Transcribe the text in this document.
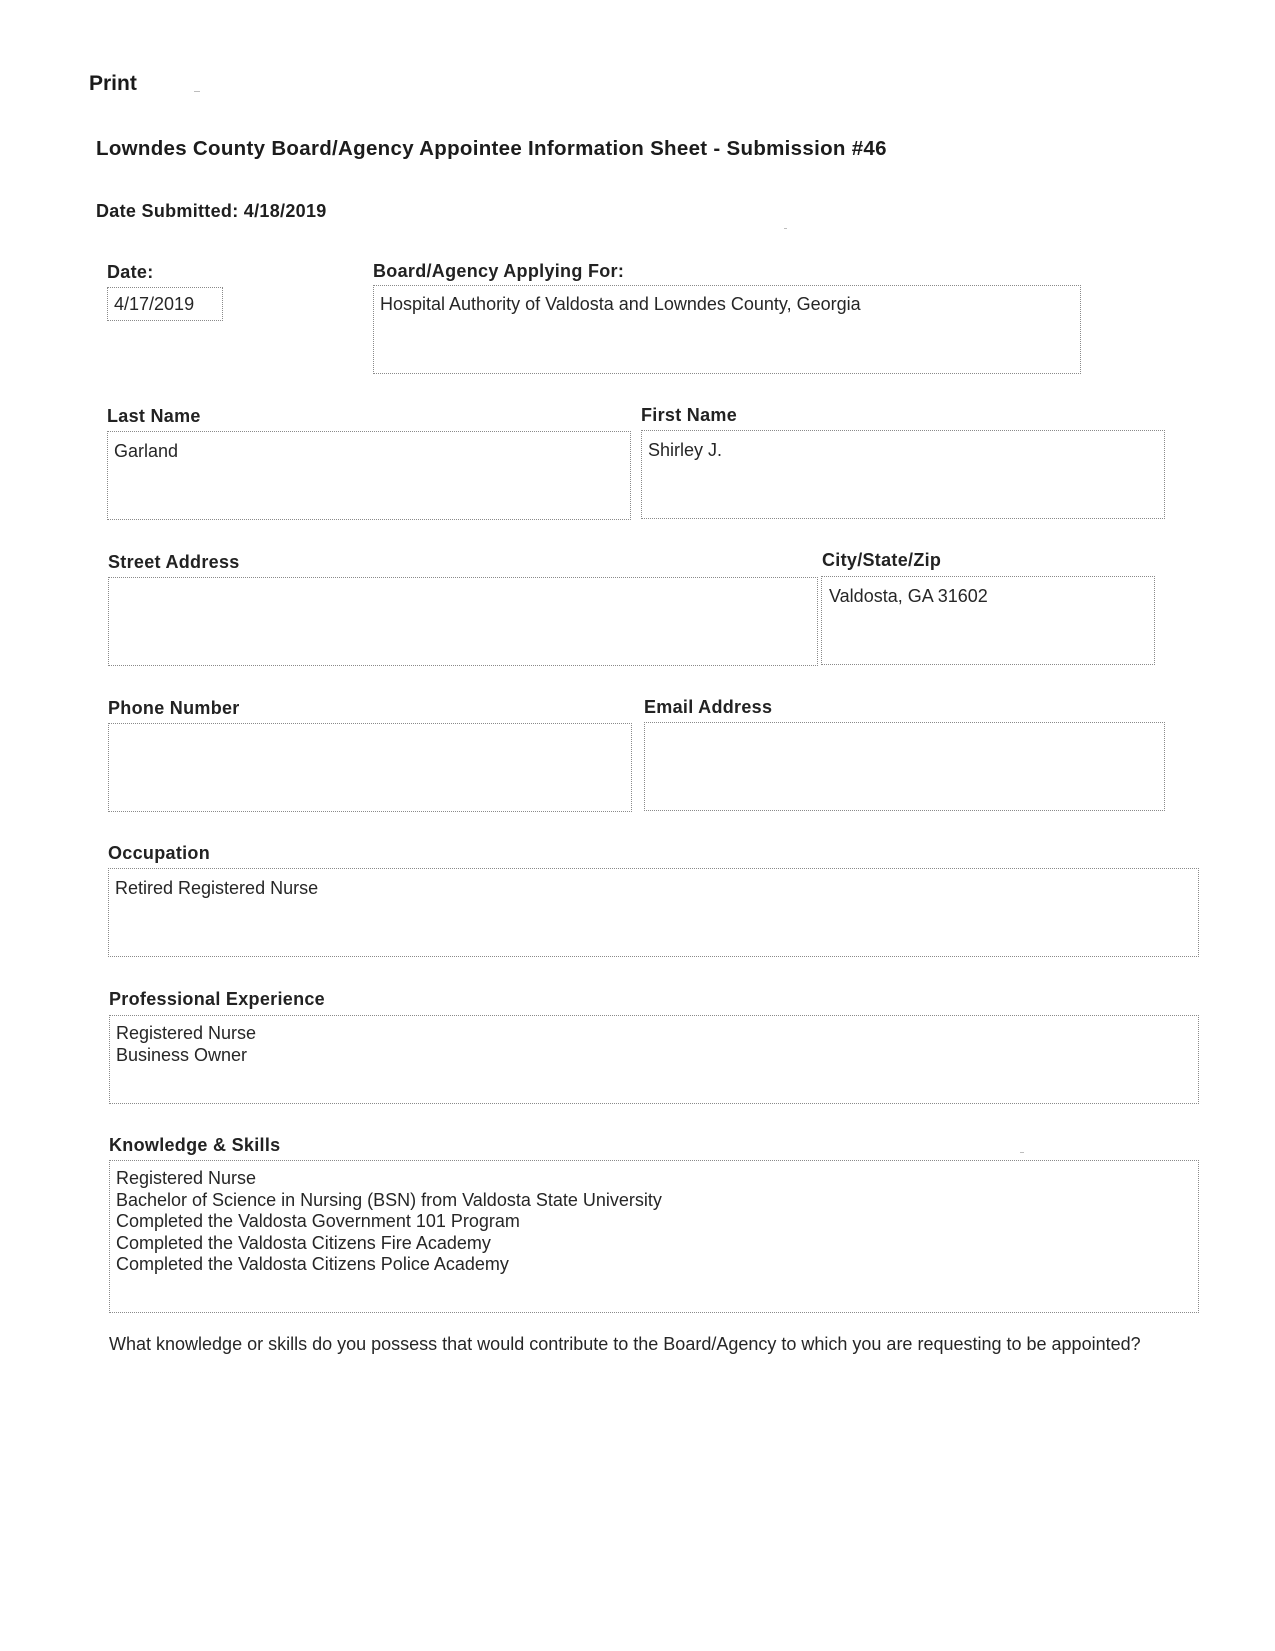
Print
Lowndes County Board/Agency Appointee Information Sheet - Submission #46
Date Submitted: 4/18/2019
Date:
4/17/2019
Board/Agency Applying For:
Hospital Authority of Valdosta and Lowndes County, Georgia
Last Name
Garland
First Name
Shirley J.
Street Address	City/State/Zip
Valdosta, GA 31602
Phone Number	Email Address
Occupation
Retired Registered Nurse
Professional Experience
Registered Nurse
Business Owner
Knowledge & Skills
Registered Nurse
Bachelor of Science in Nursing (BSN) from Valdosta State University
Completed the Valdosta Government 101 Program
Completed the Valdosta Citizens Fire Academy
Completed the Valdosta Citizens Police Academy
What knowledge or skills do you possess that would contribute to the Board/Agency to which you are requesting to be appointed?
